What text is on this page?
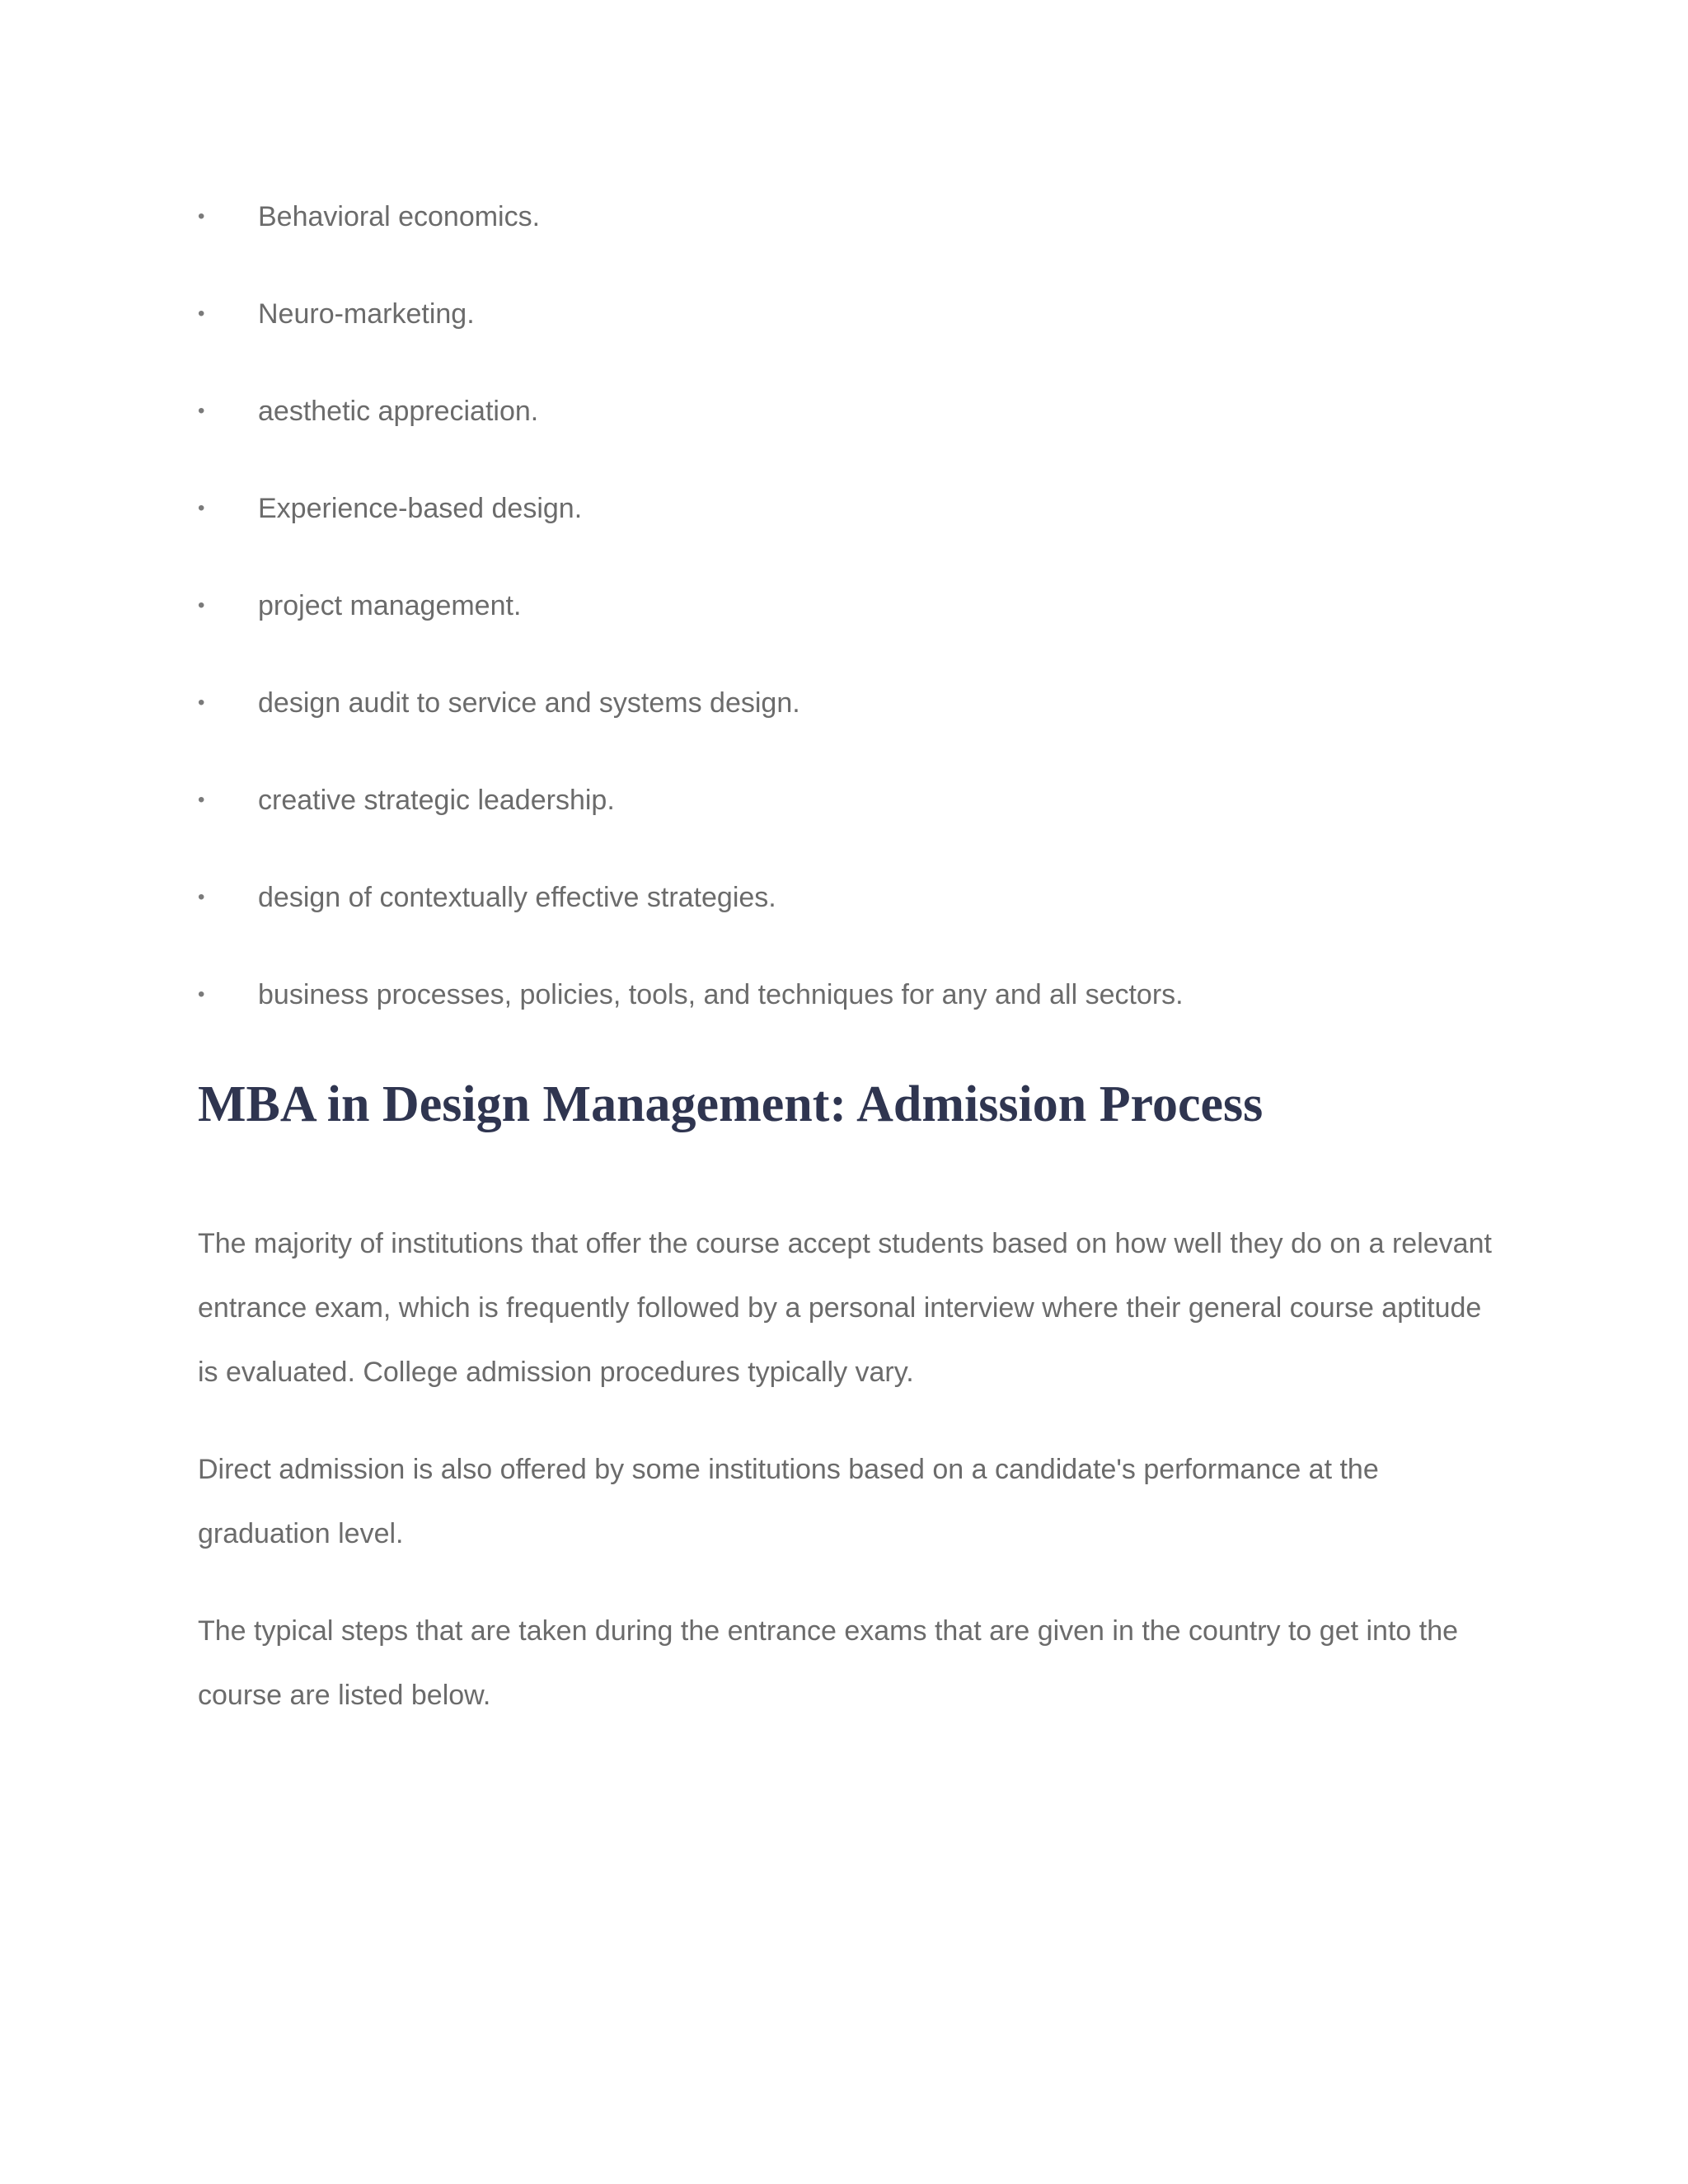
• Behavioral economics.
• Neuro-marketing.
• aesthetic appreciation.
• Experience-based design.
• project management.
• design audit to service and systems design.
• creative strategic leadership.
• design of contextually effective strategies.
• business processes, policies, tools, and techniques for any and all sectors.
MBA in Design Management: Admission Process

The majority of institutions that offer the course accept students based on how well they do on a relevant entrance exam, which is frequently followed by a personal interview where their general course aptitude is evaluated. College admission procedures typically vary.

Direct admission is also offered by some institutions based on a candidate's performance at the graduation level.

The typical steps that are taken during the entrance exams that are given in the country to get into the course are listed below.
